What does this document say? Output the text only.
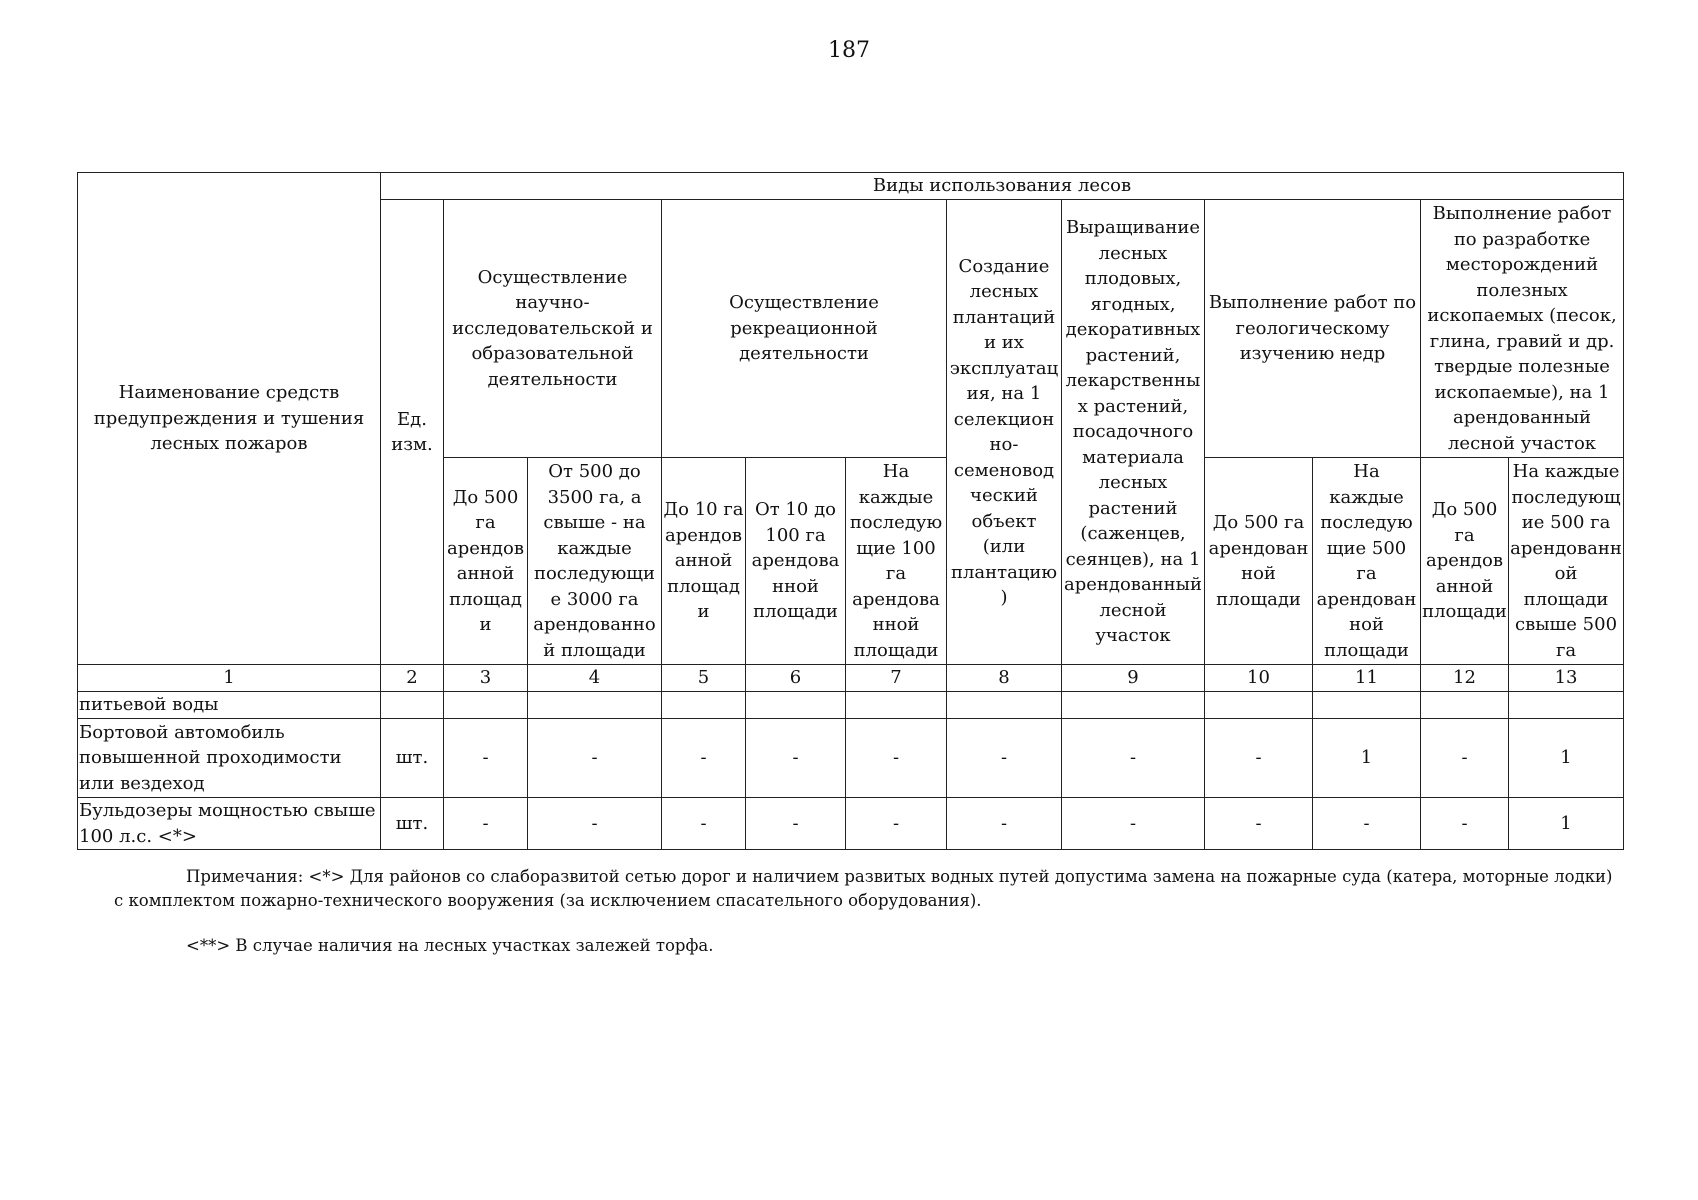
187
Наименование средств предупреждения и тушения лесных пожаров	Виды использования лесов											
	Ед. изм.	Осуществление научно-исследовательской и образовательной деятельности		Осуществление рекреационной деятельности			Создание лесных плантаций и их эксплуатация, на 1 селекционно-семеноводческий объект (или плантацию)	Выращивание лесных плодовых, ягодных, декоративных растений, лекарственных растений, посадочного материала лесных растений (саженцев, сеянцев), на 1 арендованный лесной участок	Выполнение работ по геологическому изучению недр		Выполнение работ по разработке месторождений полезных ископаемых (песок, глина, гравий и др. твердые полезные ископаемые), на 1 арендованный лесной участок	
		До 500 га арендованной площади	От 500 до 3500 га, а свыше - на каждые последующие 3000 га арендованной площади	До 10 га арендованной площади	От 10 до 100 га арендованной площади	На каждые последующие 100 га арендованной площади			До 500 га арендованной площади	На каждые последующие 500 га арендованной площади	До 500 га арендованной площади	На каждые последующие 500 га арендованной площади свыше 500 га
1	2	3	4	5	6	7	8	9	10	11	12	13
питьевой воды												
Бортовой автомобиль повышенной проходимости или вездеход	шт.	-	-	-	-	-	-	-	-	1	-	1
Бульдозеры мощностью свыше 100 л.с. <*>	шт.	-	-	-	-	-	-	-	-	-	-	1
Примечания: <*> Для районов со слаборазвитой сетью дорог и наличием развитых водных путей допустима замена на пожарные суда (катера, моторные лодки) с комплектом пожарно-технического вооружения (за исключением спасательного оборудования).
<**> В случае наличия на лесных участках залежей торфа.
